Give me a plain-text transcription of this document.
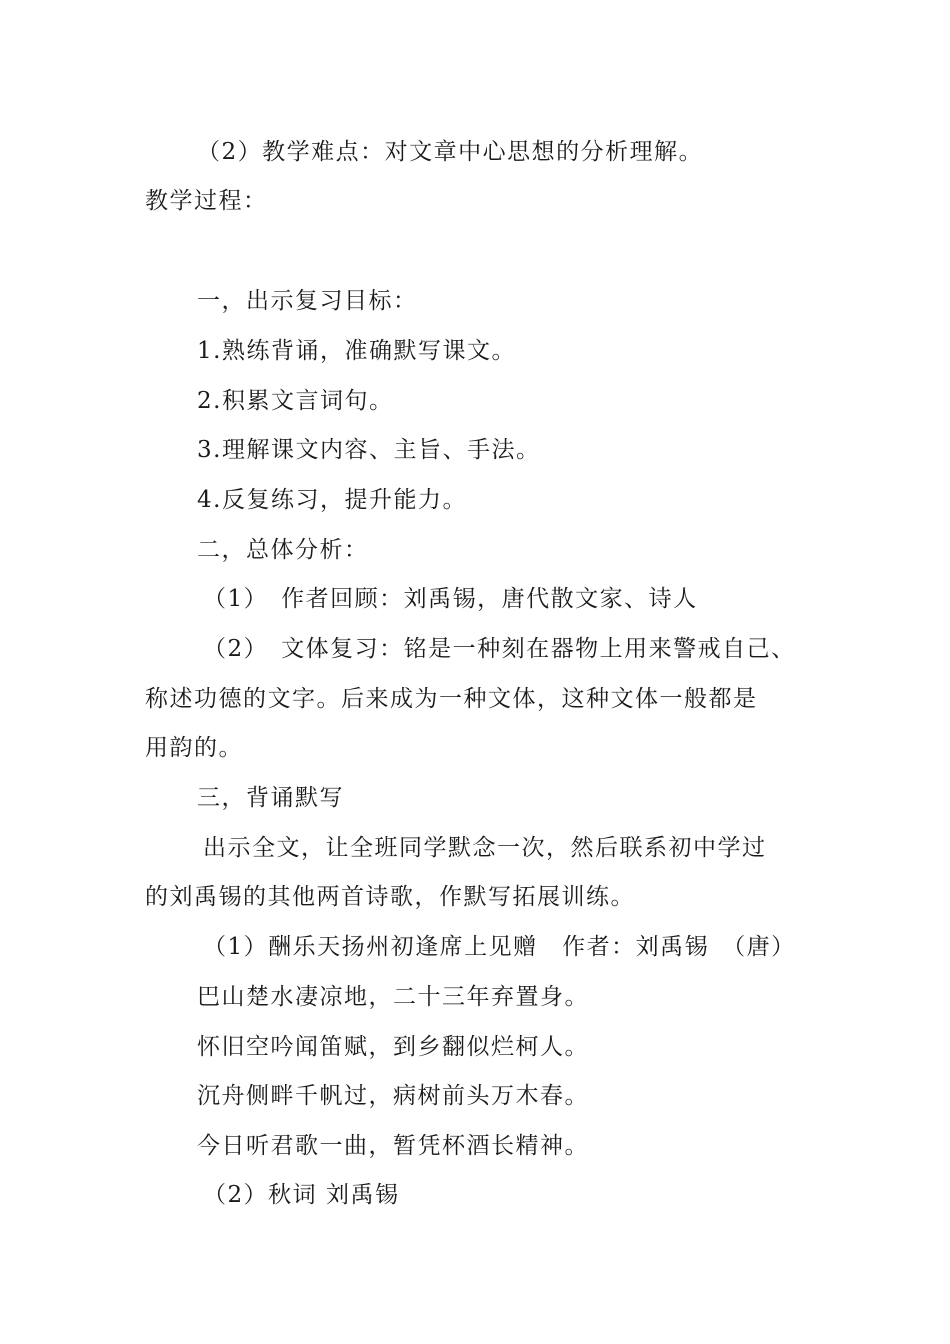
（2）教学难点：对文章中心思想的分析理解。
教学过程：
一，出示复习目标：
1.熟练背诵，准确默写课文。
2.积累文言词句。
3.理解课文内容、主旨、手法。
4.反复练习，提升能力。
二，总体分析：
（1）　作者回顾：刘禹锡，唐代散文家、诗人
（2）　文体复习：铭是一种刻在器物上用来警戒自己、
称述功德的文字。后来成为一种文体，这种文体一般都是
用韵的。
三，背诵默写
出示全文，让全班同学默念一次，然后联系初中学过
的刘禹锡的其他两首诗歌，作默写拓展训练。
（1）酬乐天扬州初逢席上见赠　作者：刘禹锡　（唐）
巴山楚水凄凉地，二十三年弃置身。
怀旧空吟闻笛赋，到乡翻似烂柯人。
沉舟侧畔千帆过，病树前头万木春。
今日听君歌一曲，暂凭杯酒长精神。
（2）秋词 刘禹锡
